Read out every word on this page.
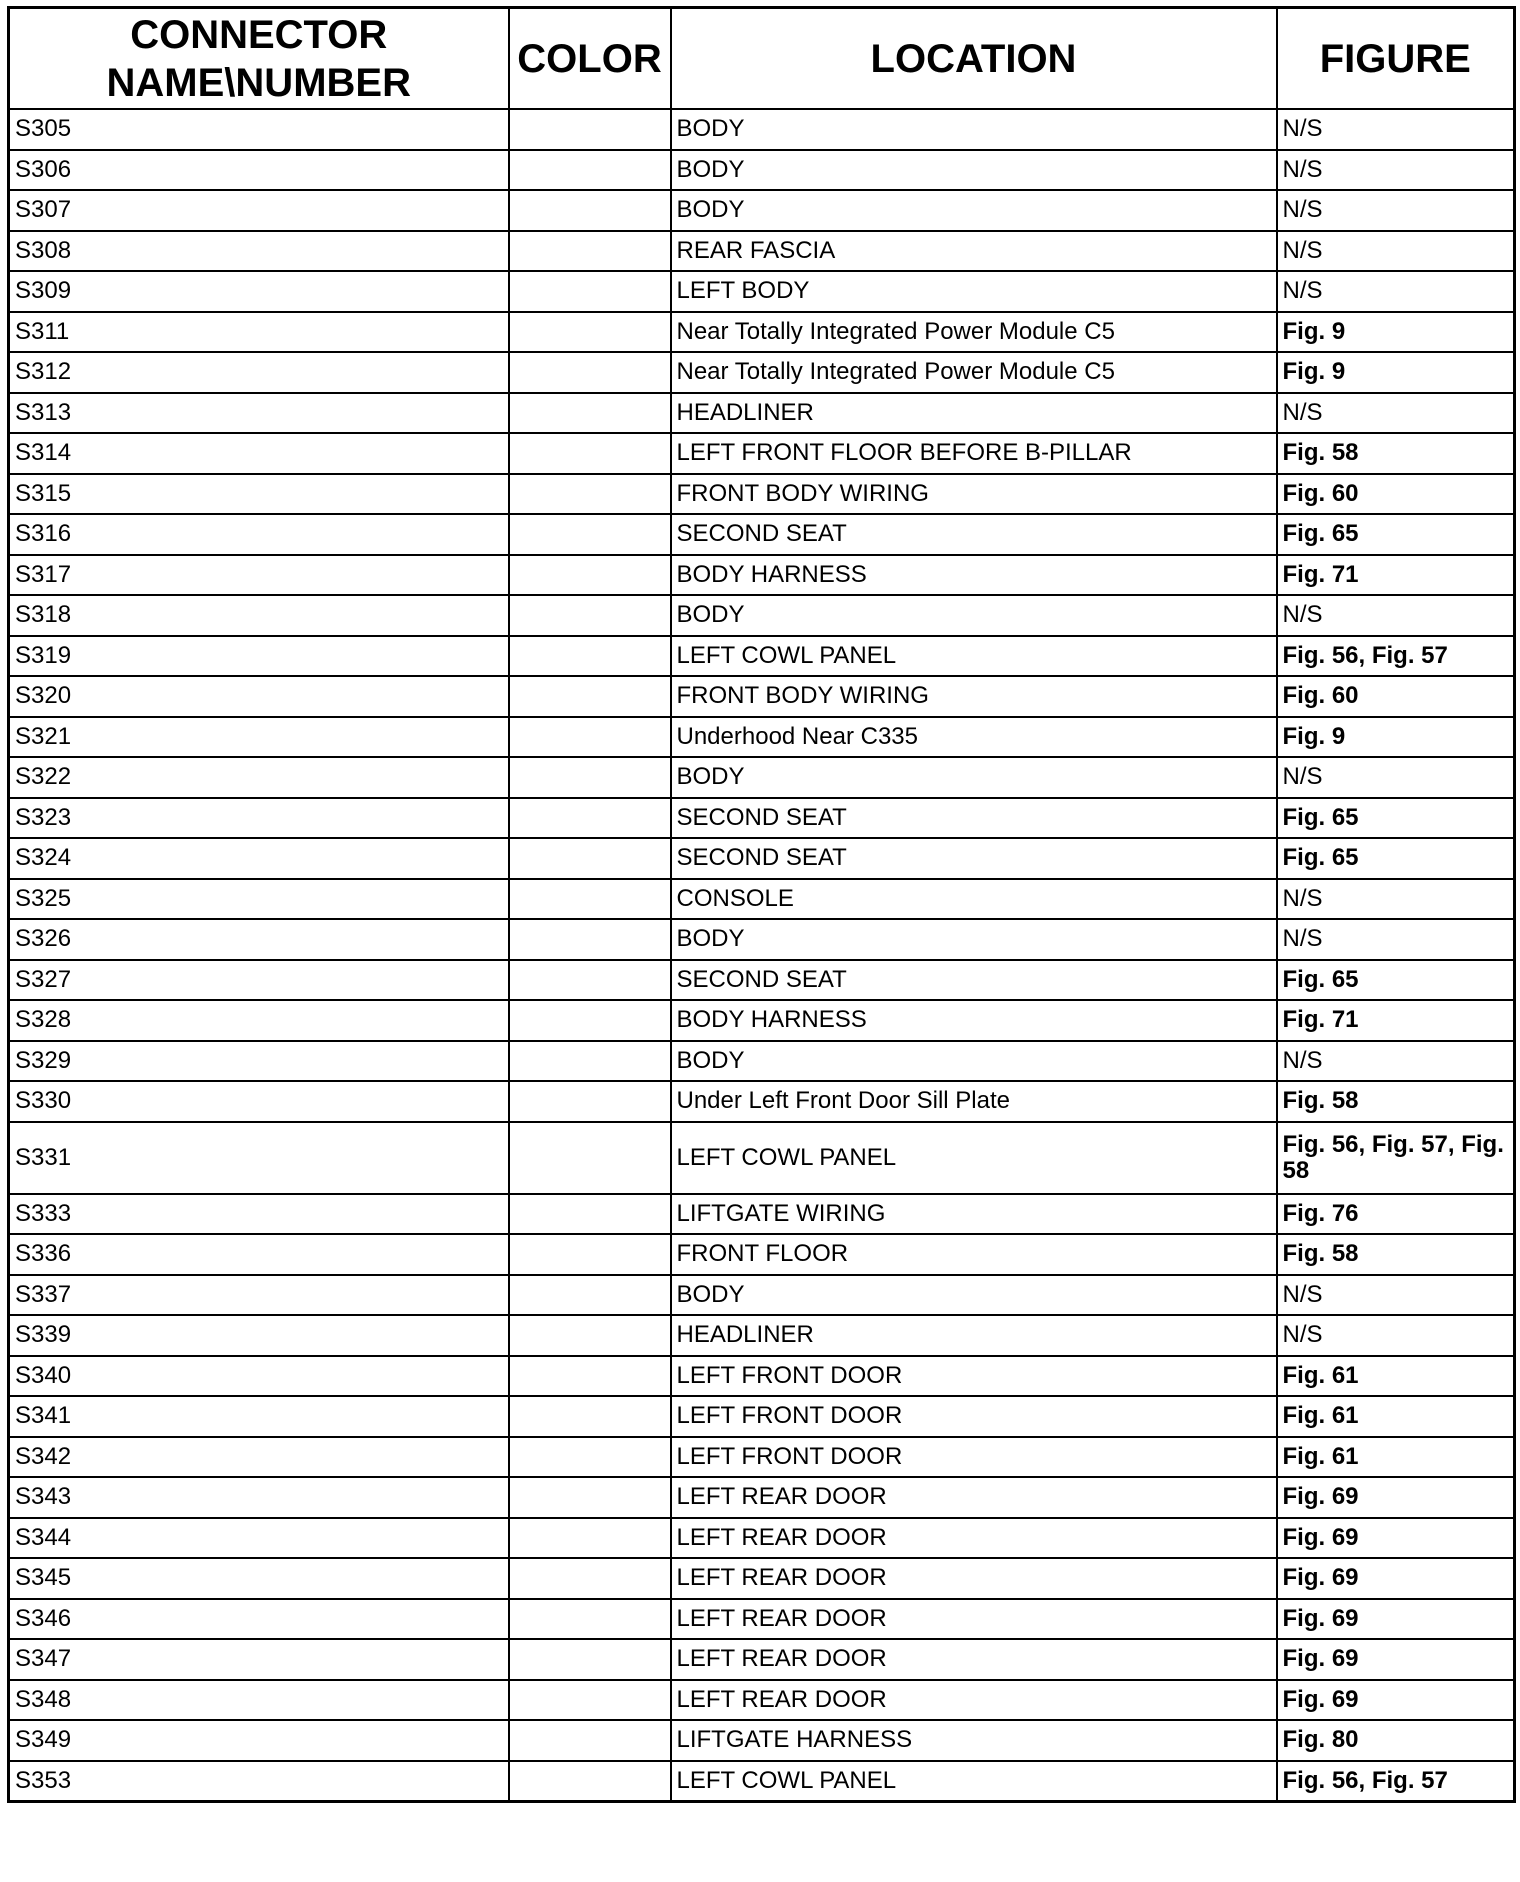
CONNECTOR
NAME\NUMBER	COLOR	LOCATION	FIGURE
S305		BODY	N/S
S306		BODY	N/S
S307		BODY	N/S
S308		REAR FASCIA	N/S
S309		LEFT BODY	N/S
S311		Near Totally Integrated Power Module C5	Fig. 9
S312		Near Totally Integrated Power Module C5	Fig. 9
S313		HEADLINER	N/S
S314		LEFT FRONT FLOOR BEFORE B-PILLAR	Fig. 58
S315		FRONT BODY WIRING	Fig. 60
S316		SECOND SEAT	Fig. 65
S317		BODY HARNESS	Fig. 71
S318		BODY	N/S
S319		LEFT COWL PANEL	Fig. 56, Fig. 57
S320		FRONT BODY WIRING	Fig. 60
S321		Underhood Near C335	Fig. 9
S322		BODY	N/S
S323		SECOND SEAT	Fig. 65
S324		SECOND SEAT	Fig. 65
S325		CONSOLE	N/S
S326		BODY	N/S
S327		SECOND SEAT	Fig. 65
S328		BODY HARNESS	Fig. 71
S329		BODY	N/S
S330		Under Left Front Door Sill Plate	Fig. 58
S331		LEFT COWL PANEL	Fig. 56, Fig. 57, Fig. 58
S333		LIFTGATE WIRING	Fig. 76
S336		FRONT FLOOR	Fig. 58
S337		BODY	N/S
S339		HEADLINER	N/S
S340		LEFT FRONT DOOR	Fig. 61
S341		LEFT FRONT DOOR	Fig. 61
S342		LEFT FRONT DOOR	Fig. 61
S343		LEFT REAR DOOR	Fig. 69
S344		LEFT REAR DOOR	Fig. 69
S345		LEFT REAR DOOR	Fig. 69
S346		LEFT REAR DOOR	Fig. 69
S347		LEFT REAR DOOR	Fig. 69
S348		LEFT REAR DOOR	Fig. 69
S349		LIFTGATE HARNESS	Fig. 80
S353		LEFT COWL PANEL	Fig. 56, Fig. 57
